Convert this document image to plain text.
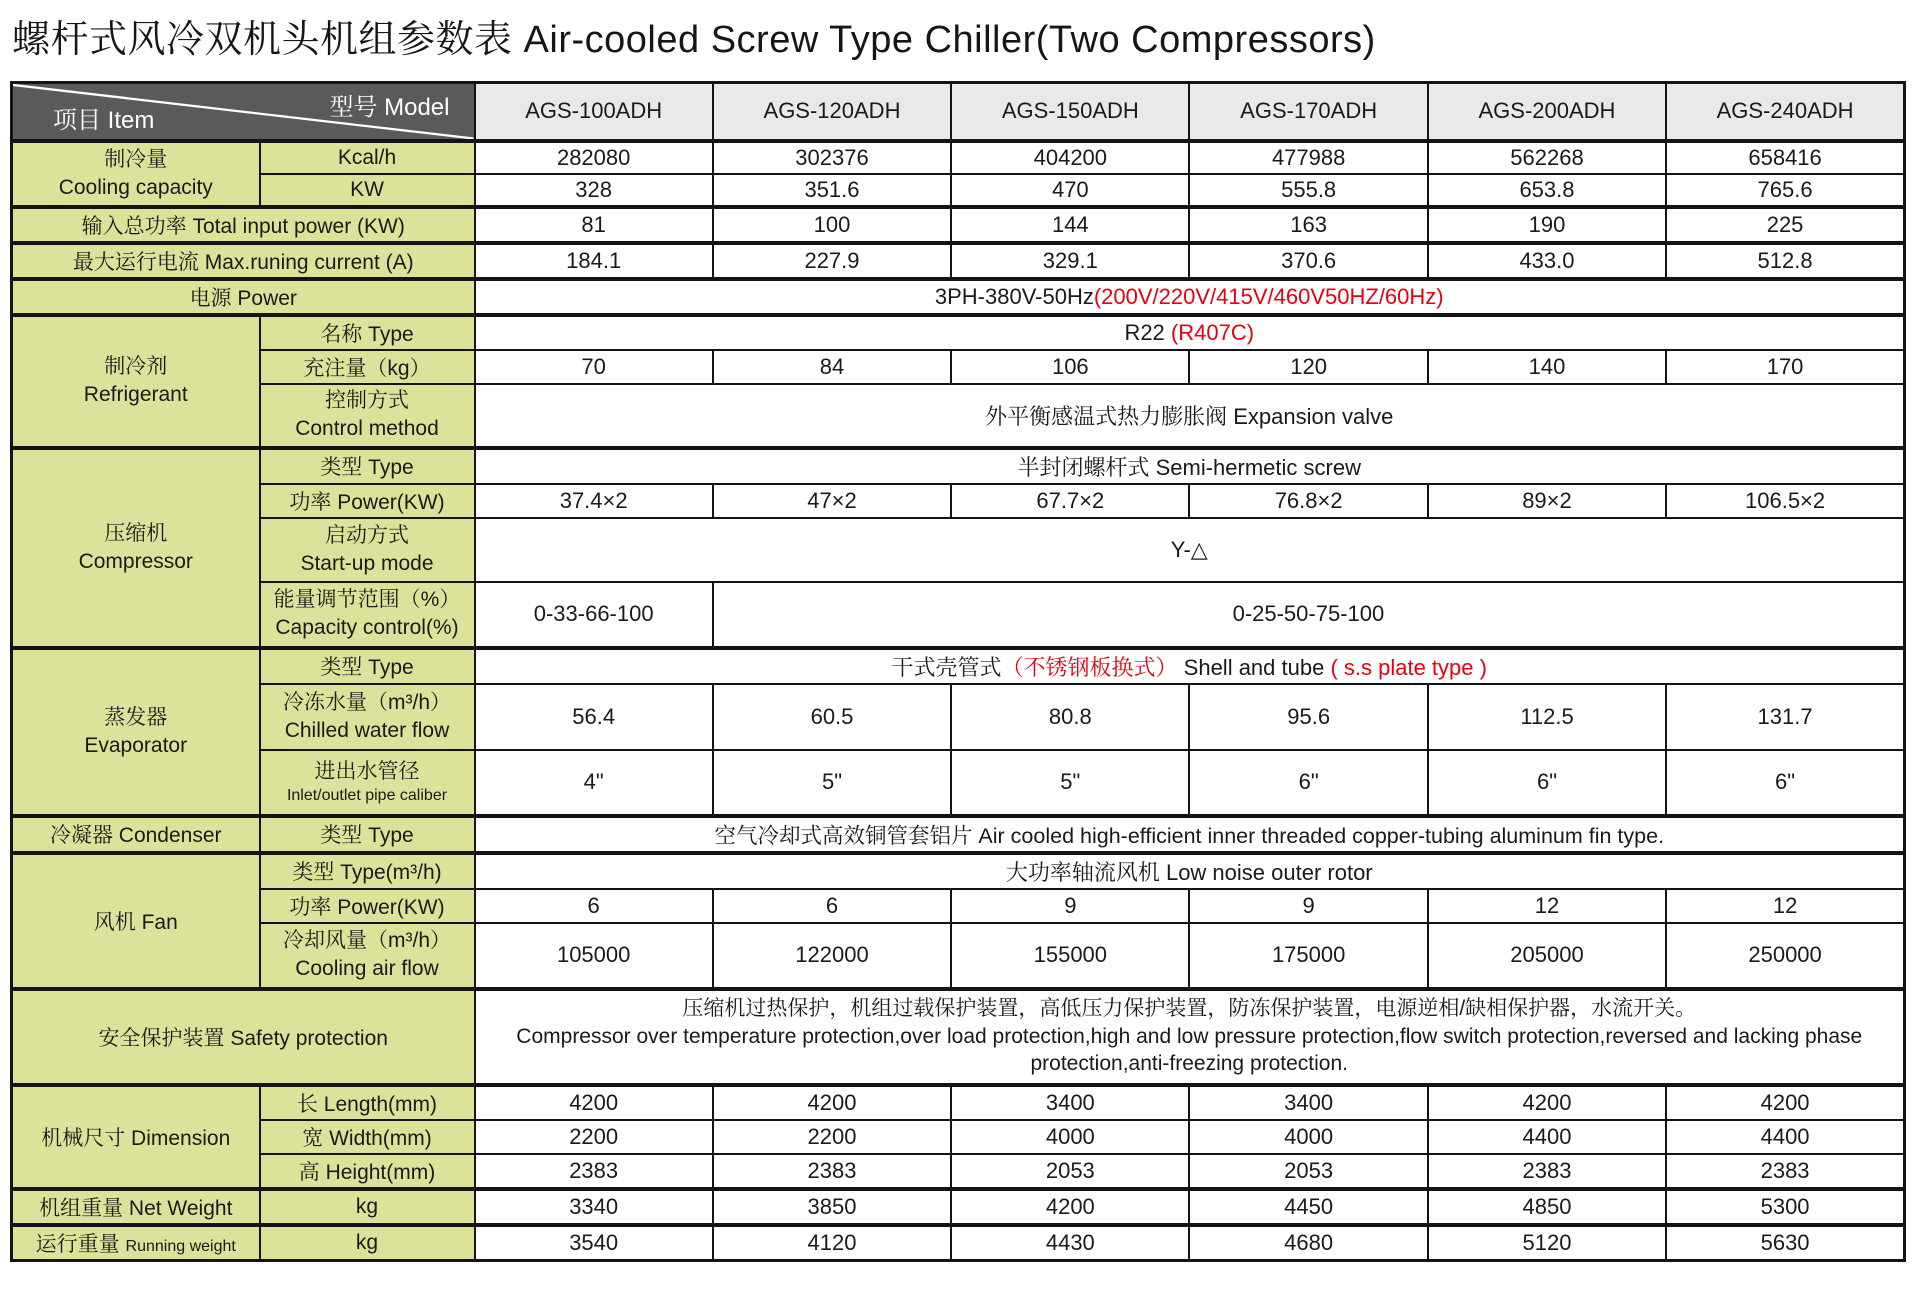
螺杆式风冷双机头机组参数表 Air-cooled Screw Type Chiller(Two Compressors)
型号 Model
项目 Item		AGS-100ADH	AGS-120ADH	AGS-150ADH	AGS-170ADH	AGS-200ADH	AGS-240ADH

制冷量
Cooling capacity	Kcal/h	282080	302376	404200	477988	562268	658416
	KW	328	351.6	470	555.8	653.8	765.6
输入总功率 Total input power (KW)		81	100	144	163	190	225
最大运行电流 Max.runing current (A)		184.1	227.9	329.1	370.6	433.0	512.8
电源 Power		3PH-380V-50Hz(200V/220V/415V/460V50HZ/60Hz)					

制冷剂
Refrigerant	名称 Type	R22 (R407C)					
	充注量（kg）	70	84	106	120	140	170

	控制方式
Control method	外平衡感温式热力膨胀阀 Expansion valve					

压缩机
Compressor	类型 Type	半封闭螺杆式 Semi-hermetic screw					
	功率 Power(KW)	37.4×2	47×2	67.7×2	76.8×2	89×2	106.5×2

	启动方式
Start-up mode	Y-△					

	能量调节范围（%）
Capacity control(%)	0-33-66-100	0-25-50-75-100				

蒸发器
Evaporator	类型 Type	干式壳管式（不锈钢板换式） Shell and tube ( s.s plate type )					

	冷冻水量（m³/h）
Chilled water flow	56.4	60.5	80.8	95.6	112.5	131.7

	进出水管径
Inlet/outlet pipe caliber	4"	5"	5"	6"	6"	6"
冷凝器 Condenser	类型 Type	空气冷却式高效铜管套铝片 Air cooled high-efficient inner threaded copper-tubing aluminum fin type.					
风机 Fan	类型 Type(m³/h)	大功率轴流风机 Low noise outer rotor					
	功率 Power(KW)	6	6	9	9	12	12

	冷却风量（m³/h）
Cooling air flow	105000	122000	155000	175000	205000	250000
安全保护装置 Safety protection		压缩机过热保护，机组过载保护装置，高低压力保护装置，防冻保护装置，电源逆相/缺相保护器，水流开关。
Compressor over temperature protection,over load protection,high and low pressure protection,flow switch protection,reversed and lacking phase protection,anti-freezing protection.					

机械尺寸 Dimension	长 Length(mm)	4200	4200	3400	3400	4200	4200
	宽 Width(mm)	2200	2200	4000	4000	4400	4400
	高 Height(mm)	2383	2383	2053	2053	2383	2383
机组重量 Net Weight	kg	3340	3850	4200	4450	4850	5300
运行重量 Running weight	kg	3540	4120	4430	4680	5120	5630
